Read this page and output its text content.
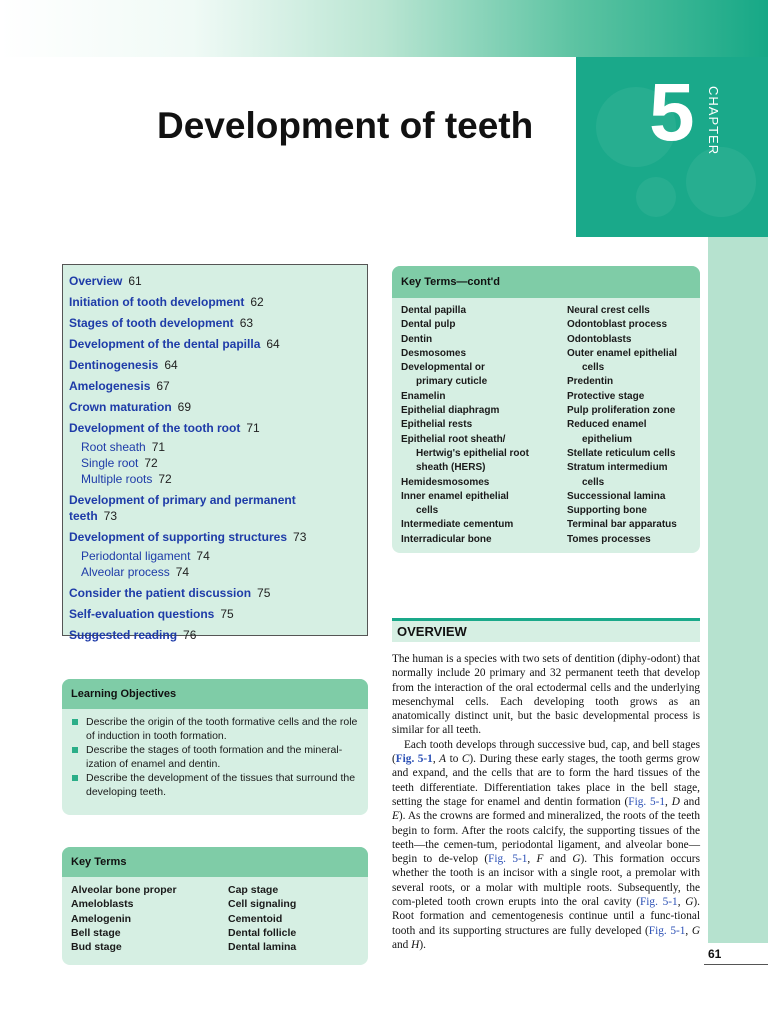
5 CHAPTER
Development of teeth
Overview 61
Initiation of tooth development 62
Stages of tooth development 63
Development of the dental papilla 64
Dentinogenesis 64
Amelogenesis 67
Crown maturation 69
Development of the tooth root 71
Root sheath 71
Single root 72
Multiple roots 72
Development of primary and permanent
teeth 73
Development of supporting structures 73
Periodontal ligament 74
Alveolar process 74
Consider the patient discussion 75
Self-evaluation questions 75
Suggested reading 76
Learning Objectives
Describe the origin of the tooth formative cells and the role of induction in tooth formation.
Describe the stages of tooth formation and the mineral-ization of enamel and dentin.
Describe the development of the tissues that surround the developing teeth.
Key Terms
Alveolar bone proper
Ameloblasts
Amelogenin
Bell stage
Bud stage
Cap stage
Cell signaling
Cementoid
Dental follicle
Dental lamina
Key Terms—cont'd
Dental papilla
Dental pulp
Dentin
Desmosomes
Developmental or
primary cuticle
Enamelin
Epithelial diaphragm
Epithelial rests
Epithelial root sheath/
Hertwig's epithelial root
sheath (HERS)
Hemidesmosomes
Inner enamel epithelial
cells
Intermediate cementum
Interradicular bone
Neural crest cells
Odontoblast process
Odontoblasts
Outer enamel epithelial
cells
Predentin
Protective stage
Pulp proliferation zone
Reduced enamel
epithelium
Stellate reticulum cells
Stratum intermedium
cells
Successional lamina
Supporting bone
Terminal bar apparatus
Tomes processes
OVERVIEW

The human is a species with two sets of dentition (diphy-odont) that normally include 20 primary and 32 permanent teeth that develop from the interaction of the oral ectodermal cells and the underlying mesenchymal cells. Each developing tooth grows as an anatomically distinct unit, but the basic developmental process is similar for all teeth.

Each tooth develops through successive bud, cap, and bell stages (Fig. 5-1, A to C). During these early stages, the tooth germs grow and expand, and the cells that are to form the hard tissues of the teeth differentiate. Differentiation takes place in the bell stage, setting the stage for enamel and dentin formation (Fig. 5-1, D and E). As the crowns are formed and mineralized, the roots of the teeth begin to form. After the roots calcify, the supporting tissues of the teeth—the cemen-tum, periodontal ligament, and alveolar bone—begin to de-velop (Fig. 5-1, F and G). This formation occurs whether the tooth is an incisor with a single root, a premolar with several roots, or a molar with multiple roots. Subsequently, the com-pleted tooth crown erupts into the oral cavity (Fig. 5-1, G). Root formation and cementogenesis continue until a func-tional tooth and its supporting structures are fully developed (Fig. 5-1, G and H).

61
